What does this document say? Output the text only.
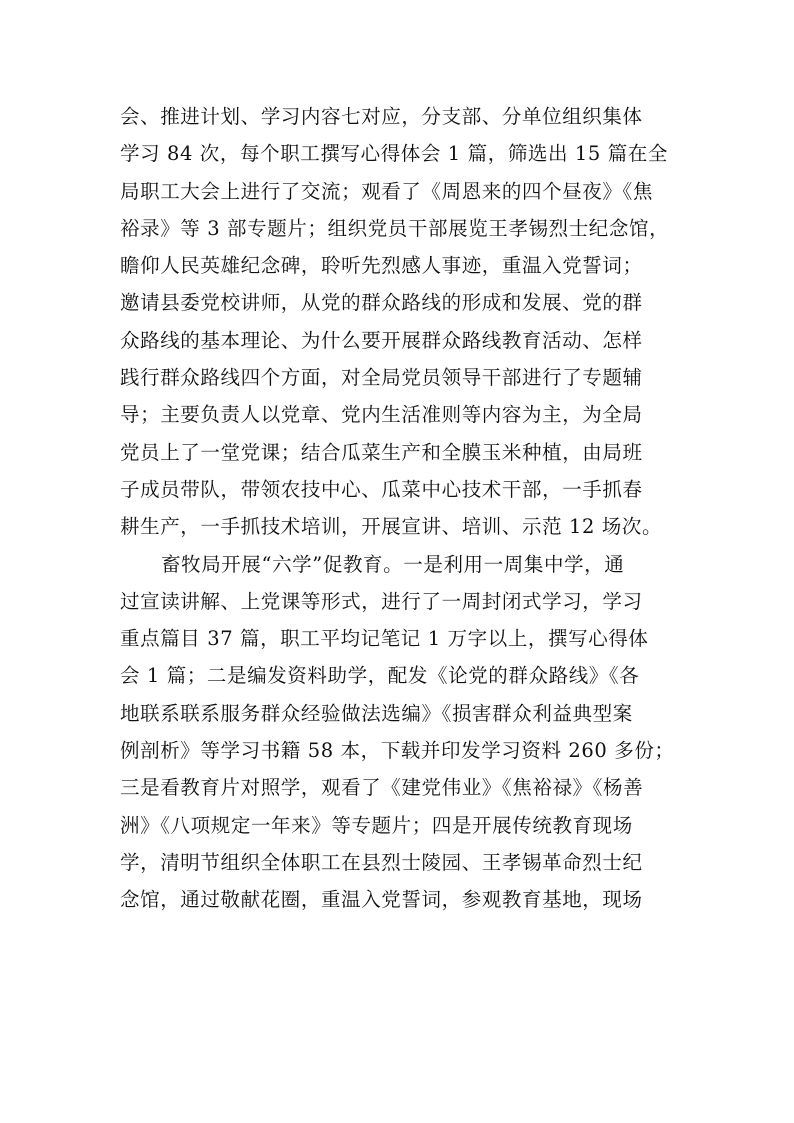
会、推进计划、学习内容七对应，分支部、分单位组织集体
学习 84 次，每个职工撰写心得体会 1 篇，筛选出 15 篇在全
局职工大会上进行了交流；观看了《周恩来的四个昼夜》《焦
裕录》等 3 部专题片；组织党员干部展览王孝锡烈士纪念馆，
瞻仰人民英雄纪念碑，聆听先烈感人事迹，重温入党誓词；
邀请县委党校讲师，从党的群众路线的形成和发展、党的群
众路线的基本理论、为什么要开展群众路线教育活动、怎样
践行群众路线四个方面，对全局党员领导干部进行了专题辅
导；主要负责人以党章、党内生活准则等内容为主，为全局
党员上了一堂党课；结合瓜菜生产和全膜玉米种植，由局班
子成员带队，带领农技中心、瓜菜中心技术干部，一手抓春
耕生产，一手抓技术培训，开展宣讲、培训、示范 12 场次。
畜牧局开展“六学”促教育。一是利用一周集中学，通
过宣读讲解、上党课等形式，进行了一周封闭式学习，学习
重点篇目 37 篇，职工平均记笔记 1 万字以上，撰写心得体
会 1 篇；二是编发资料助学，配发《论党的群众路线》《各
地联系联系服务群众经验做法选编》《损害群众利益典型案
例剖析》等学习书籍 58 本，下载并印发学习资料 260 多份；
三是看教育片对照学，观看了《建党伟业》《焦裕禄》《杨善
洲》《八项规定一年来》等专题片；四是开展传统教育现场
学，清明节组织全体职工在县烈士陵园、王孝锡革命烈士纪
念馆，通过敬献花圈，重温入党誓词，参观教育基地，现场
